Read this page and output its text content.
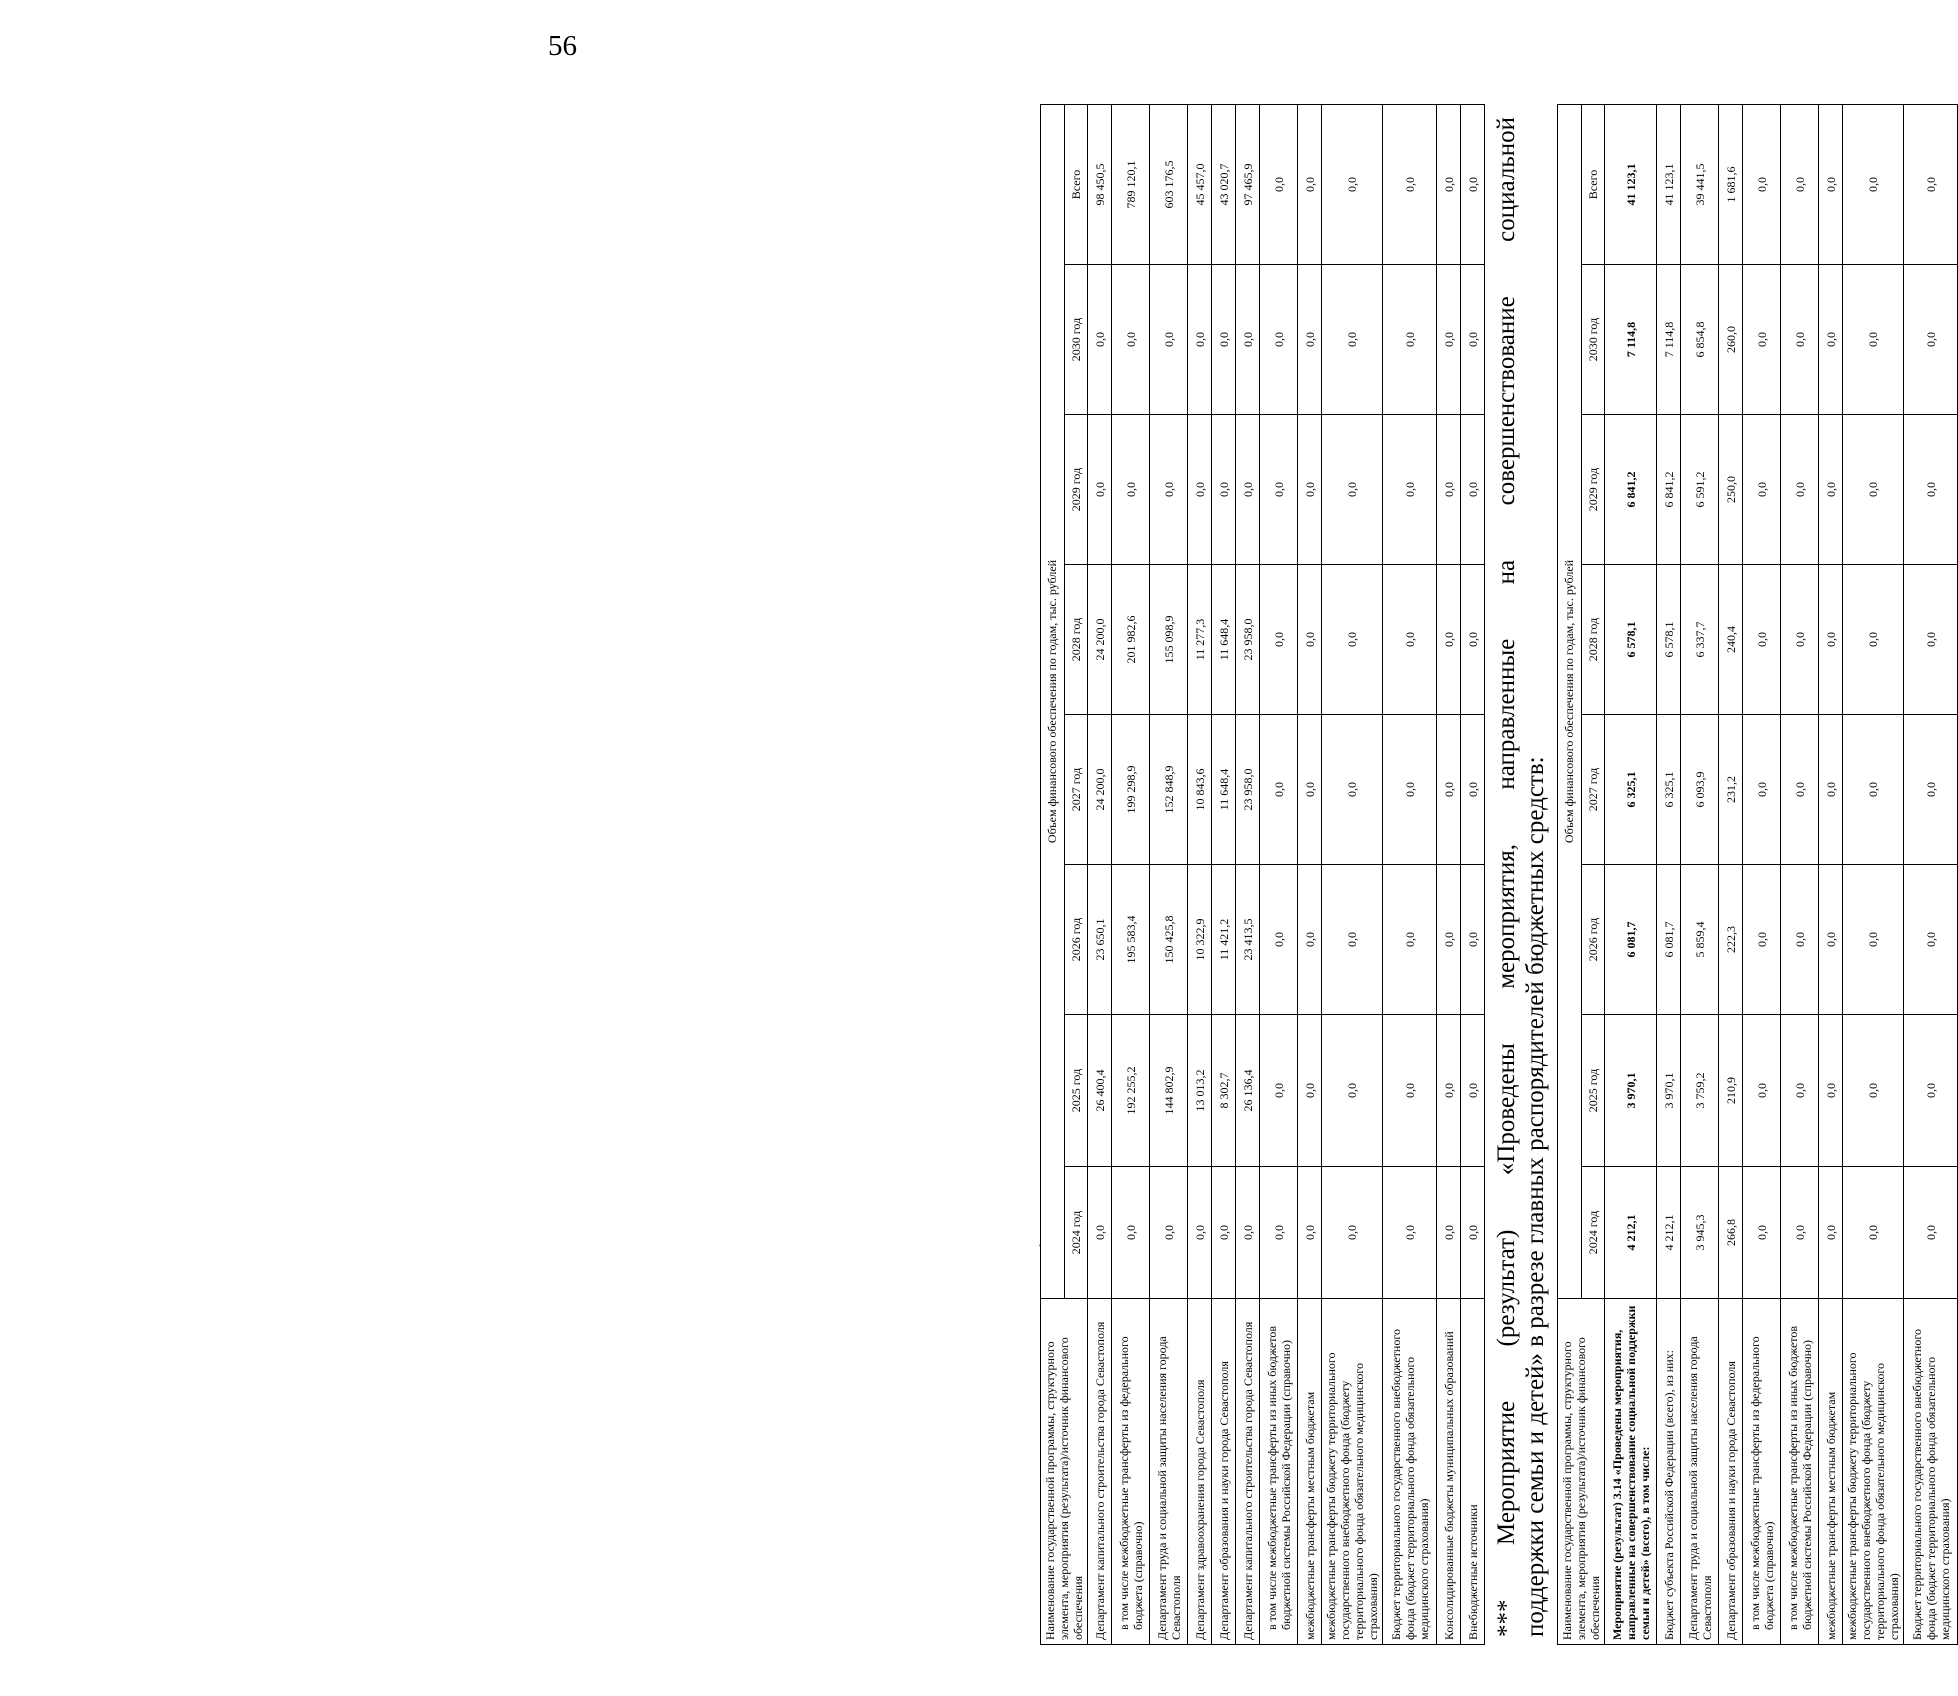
56
Наименование государственной программы, структурного элемента, мероприятия (результата)/источник финансового обеспечения	Объем финансового обеспечения по годам, тыс. рублей							
	2024 год	2025 год	2026 год	2027 год	2028 год	2029 год	2030 год	Всего
Департамент капитального строительства города Севастополя	0,0	26 400,4	23 650,1	24 200,0	24 200,0	0,0	0,0	98 450,5
в том числе межбюджетные трансферты из федерального бюджета (справочно)	0,0	192 255,2	195 583,4	199 298,9	201 982,6	0,0	0,0	789 120,1
Департамент труда и социальной защиты населения города Севастополя	0,0	144 802,9	150 425,8	152 848,9	155 098,9	0,0	0,0	603 176,5
Департамент здравоохранения города Севастополя	0,0	13 013,2	10 322,9	10 843,6	11 277,3	0,0	0,0	45 457,0
Департамент образования и науки города Севастополя	0,0	8 302,7	11 421,2	11 648,4	11 648,4	0,0	0,0	43 020,7
Департамент капитального строительства города Севастополя	0,0	26 136,4	23 413,5	23 958,0	23 958,0	0,0	0,0	97 465,9
в том числе межбюджетные трансферты из иных бюджетов бюджетной системы Российской Федерации (справочно)	0,0	0,0	0,0	0,0	0,0	0,0	0,0	0,0
межбюджетные трансферты местным бюджетам	0,0	0,0	0,0	0,0	0,0	0,0	0,0	0,0
межбюджетные трансферты бюджету территориального государственного внебюджетного фонда (бюджету территориального фонда обязательного медицинского страхования)	0,0	0,0	0,0	0,0	0,0	0,0	0,0	0,0
Бюджет территориального государственного внебюджетного фонда (бюджет территориального фонда обязательного медицинского страхования)	0,0	0,0	0,0	0,0	0,0	0,0	0,0	0,0
Консолидированные бюджеты муниципальных образований	0,0	0,0	0,0	0,0	0,0	0,0	0,0	0,0
Внебюджетные источники	0,0	0,0	0,0	0,0	0,0	0,0	0,0	0,0
***
Мероприятие
(результат)
«Проведены
мероприятия,
направленные
на
совершенствование
социальной
поддержки семьи и детей» в разрезе главных распорядителей бюджетных средств: Наименование государственной программы, структурного элемента, мероприятия (результата)/источник финансового обеспечения	Объем финансового обеспечения по годам, тыс. рублей							
	2024 год	2025 год	2026 год	2027 год	2028 год	2029 год	2030 год	Всего
Мероприятие (результат) 3.14 «Проведены мероприятия, направленные на совершенствование социальной поддержки семьи и детей» (всего), в том числе:	4 212,1	3 970,1	6 081,7	6 325,1	6 578,1	6 841,2	7 114,8	41 123,1
Бюджет субъекта Российской Федерации (всего), из них:	4 212,1	3 970,1	6 081,7	6 325,1	6 578,1	6 841,2	7 114,8	41 123,1
Департамент труда и социальной защиты населения города Севастополя	3 945,3	3 759,2	5 859,4	6 093,9	6 337,7	6 591,2	6 854,8	39 441,5
Департамент образования и науки города Севастополя	266,8	210,9	222,3	231,2	240,4	250,0	260,0	1 681,6
в том числе межбюджетные трансферты из федерального бюджета (справочно)	0,0	0,0	0,0	0,0	0,0	0,0	0,0	0,0
в том числе межбюджетные трансферты из иных бюджетов бюджетной системы Российской Федерации (справочно)	0,0	0,0	0,0	0,0	0,0	0,0	0,0	0,0
межбюджетные трансферты местным бюджетам	0,0	0,0	0,0	0,0	0,0	0,0	0,0	0,0
межбюджетные трансферты бюджету территориального государственного внебюджетного фонда (бюджету территориального фонда обязательного медицинского страхования)	0,0	0,0	0,0	0,0	0,0	0,0	0,0	0,0
Бюджет территориального государственного внебюджетного фонда (бюджет территориального фонда обязательного медицинского страхования)	0,0	0,0	0,0	0,0	0,0	0,0	0,0	0,0
·
